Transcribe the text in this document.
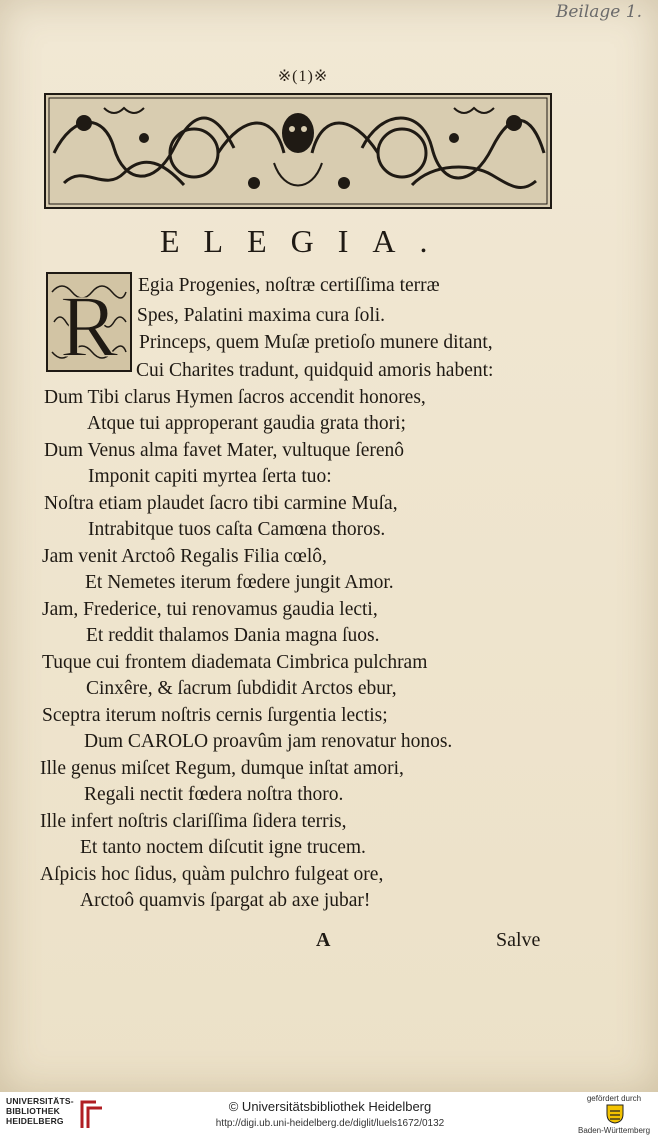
Beilage 1.
※(1)※
ELEGIA.
R Egia Progenies, noſtræ certiſſima terræ
Spes, Palatini maxima cura ſoli.
Princeps, quem Muſæ pretioſo munere ditant,
Cui Charites tradunt, quidquid amoris habent:
Dum Tibi clarus Hymen ſacros accendit honores,
Atque tui approperant gaudia grata thori;
Dum Venus alma favet Mater, vultuque ſerenô
Imponit capiti myrtea ſerta tuo:
Noſtra etiam plaudet ſacro tibi carmine Muſa,
Intrabitque tuos caſta Camœna thoros.
Jam venit Arctoô Regalis Filia cœlô,
Et Nemetes iterum fœdere jungit Amor.
Jam, Frederice, tui renovamus gaudia lecti,
Et reddit thalamos Dania magna ſuos.
Tuque cui frontem diademata Cimbrica pulchram
Cinxêre, & ſacrum ſubdidit Arctos ebur,
Sceptra iterum noſtris cernis ſurgentia lectis;
Dum CAROLO proavûm jam renovatur honos.
Ille genus miſcet Regum, dumque inſtat amori,
Regali nectit fœdera noſtra thoro.
Ille infert noſtris clariſſima ſidera terris,
Et tanto noctem diſcutit igne trucem.
Aſpicis hoc ſidus, quàm pulchro fulgeat ore,
Arctoô quamvis ſpargat ab axe jubar!
A	Salve
UNIVERSITÄTS-
BIBLIOTHEK
HEIDELBERG
© Universitätsbibliothek Heidelberg
http://digi.ub.uni-heidelberg.de/diglit/luels1672/0132
gefördert durch
Baden-Württemberg
